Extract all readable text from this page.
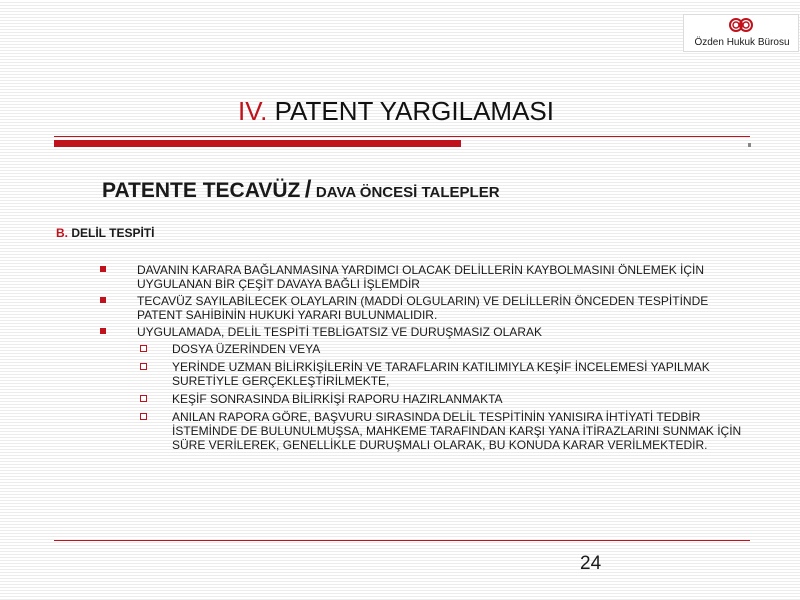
Özden Hukuk Bürosu
IV. PATENT YARGILAMASI
PATENTE TECAVÜZ / DAVA ÖNCESİ TALEPLER
B. DELİL TESPİTİ
DAVANIN KARARA BAĞLANMASINA YARDIMCI OLACAK DELİLLERİN KAYBOLMASINI ÖNLEMEK İÇİN UYGULANAN BİR ÇEŞİT DAVAYA BAĞLI İŞLEMDİR
TECAVÜZ SAYILABİLECEK OLAYLARIN (MADDİ OLGULARIN) VE DELİLLERİN ÖNCEDEN TESPİTİNDE PATENT SAHİBİNİN HUKUKİ YARARI BULUNMALIDIR.
UYGULAMADA, DELİL TESPİTİ TEBLİGATSIZ VE DURUŞMASIZ OLARAK
DOSYA ÜZERİNDEN VEYA
YERİNDE UZMAN BİLİRKİŞİLERİN VE TARAFLARIN KATILIMIYLA KEŞİF İNCELEMESİ YAPILMAK SURETİYLE GERÇEKLEŞTİRİLMEKTE,
KEŞİF SONRASINDA BİLİRKİŞİ RAPORU HAZIRLANMAKTA
ANILAN RAPORA GÖRE, BAŞVURU SIRASINDA DELİL TESPİTİNİN YANISIRA İHTİYATİ TEDBİR İSTEMİNDE DE BULUNULMUŞSA, MAHKEME TARAFINDAN KARŞI YANA İTİRAZLARINI SUNMAK İÇİN SÜRE VERİLEREK, GENELLİKLE DURUŞMALI OLARAK, BU KONUDA KARAR VERİLMEKTEDİR.
24
